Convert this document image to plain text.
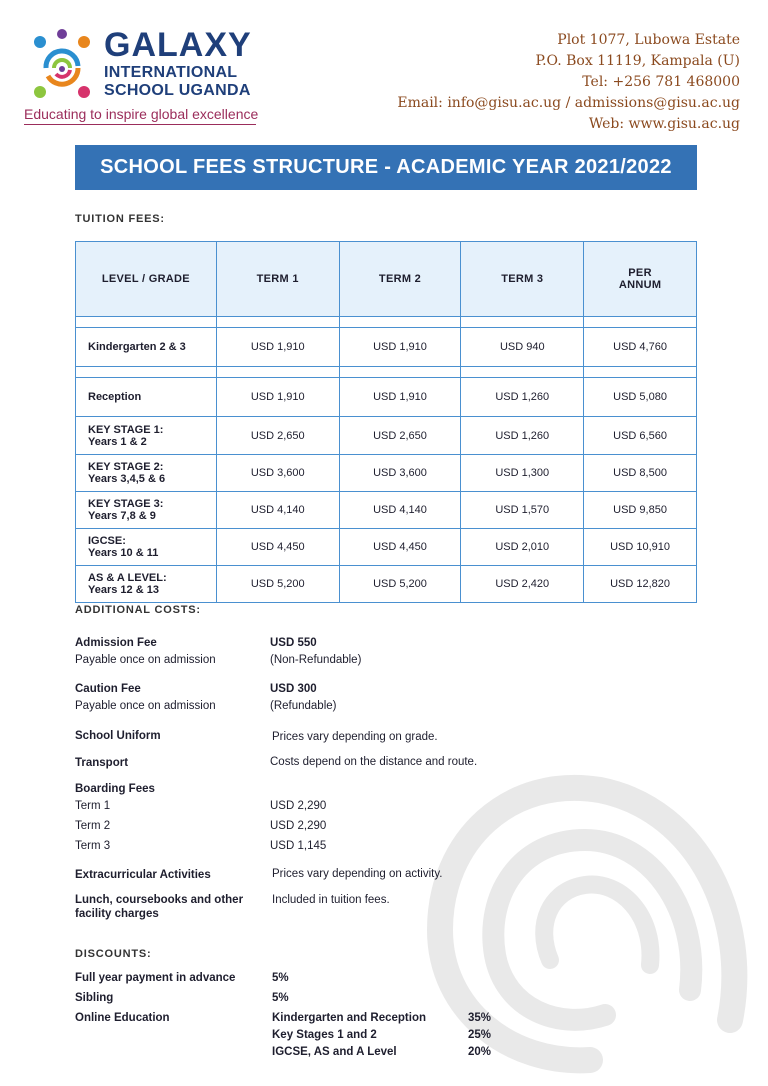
GALAXY
INTERNATIONAL
SCHOOL UGANDA
Educating to inspire global excellence
Plot 1077, Lubowa Estate
P.O. Box 11119, Kampala (U)
Tel: +256 781 468000
Email: info@gisu.ac.ug / admissions@gisu.ac.ug
Web: www.gisu.ac.ug
SCHOOL FEES STRUCTURE - ACADEMIC YEAR 2021/2022
TUITION FEES:
LEVEL / GRADE	TERM 1	TERM 2	TERM 3	PER
ANNUM

Kindergarten 2 & 3	USD 1,910	USD 1,910	USD 940	USD 4,760

Reception	USD 1,910	USD 1,910	USD 1,260	USD 5,080

KEY STAGE 1:
Years 1 & 2	USD 2,650	USD 2,650	USD 1,260	USD 6,560

KEY STAGE 2:
Years 3,4,5 & 6	USD 3,600	USD 3,600	USD 1,300	USD 8,500

KEY STAGE 3:
Years 7,8 & 9	USD 4,140	USD 4,140	USD 1,570	USD 9,850

IGCSE:
Years 10 & 11	USD 4,450	USD 4,450	USD 2,010	USD 10,910

AS & A LEVEL:
Years 12 & 13	USD 5,200	USD 5,200	USD 2,420	USD 12,820
ADDITIONAL COSTS:
Admission Fee	USD 550
Payable once on admission	(Non-Refundable)
Caution Fee	USD 300
Payable once on admission	(Refundable)
School Uniform	Prices vary depending on grade.
Transport	Costs depend on the distance and route.
Boarding Fees
Term 1	USD 2,290
Term 2	USD 2,290
Term 3	USD 1,145
Extracurricular Activities	Prices vary depending on activity.
Lunch, coursebooks and other
facility charges
Included in tuition fees.
DISCOUNTS:
Full year payment in advance	5%
Sibling	5%
Online Education	Kindergarten and Reception	35%
Key Stages 1 and 2	25%
IGCSE, AS and A Level	20%
